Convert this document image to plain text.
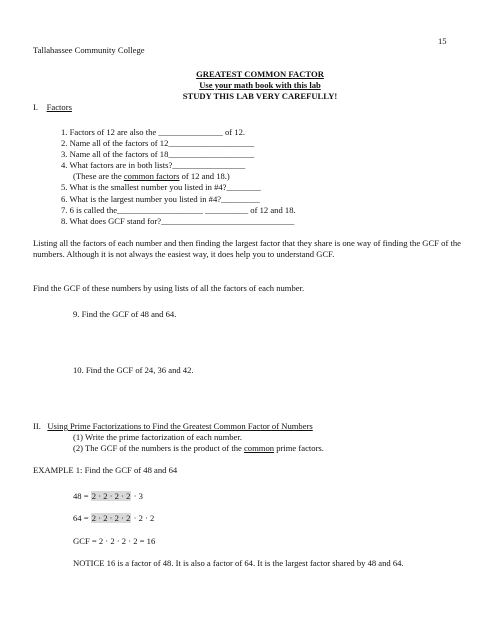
15
Tallahassee Community College
GREATEST COMMON FACTOR
Use your math book with this lab
STUDY THIS LAB VERY CAREFULLY!
I. Factors
1. Factors of 12 are also the _______________ of 12.
2. Name all of the factors of 12____________________
3. Name all of the factors of 18____________________
4. What factors are in both lists?_________________
(These are the common factors of 12 and 18.)
5. What is the smallest number you listed in #4?________
6. What is the largest number you listed in #4?_________
7. 6 is called the____________________ __________ of 12 and 18.
8. What does GCF stand for?_______________________________
Listing all the factors of each number and then finding the largest factor that they share is one way of finding the GCF of the numbers. Although it is not always the easiest way, it does help you to understand GCF.
Find the GCF of these numbers by using lists of all the factors of each number.
9. Find the GCF of 48 and 64.
10. Find the GCF of 24, 36 and 42.
II. Using Prime Factorizations to Find the Greatest Common Factor of Numbers
(1) Write the prime factorization of each number.
(2) The GCF of the numbers is the product of the common prime factors.
EXAMPLE 1: Find the GCF of 48 and 64
48 = 2 · 2 · 2 · 2 · 3
64 = 2 · 2 · 2 · 2 · 2 · 2
GCF = 2 · 2 · 2 · 2 = 16
NOTICE 16 is a factor of 48. It is also a factor of 64. It is the largest factor shared by 48 and 64.
